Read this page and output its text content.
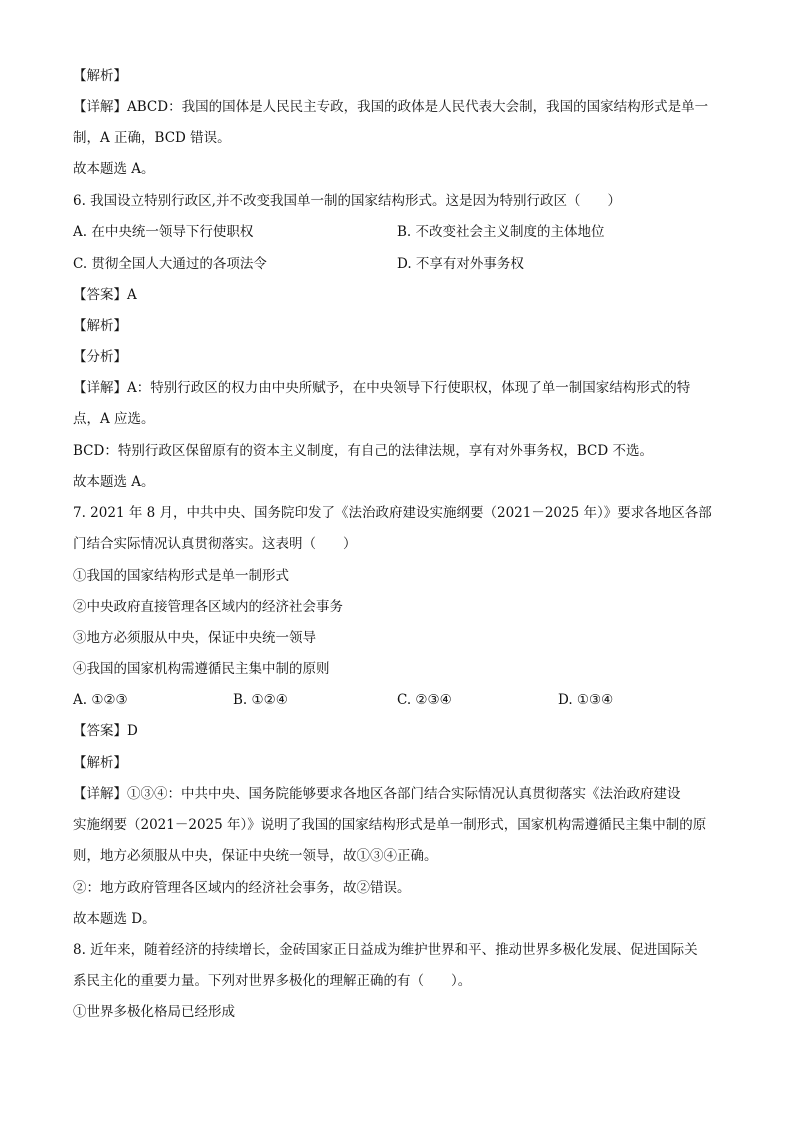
【解析】
【详解】ABCD：我国的国体是人民民主专政，我国的政体是人民代表大会制，我国的国家结构形式是单一
制，A 正确，BCD 错误。
故本题选 A。
6. 我国设立特别行政区,并不改变我国单一制的国家结构形式。这是因为特别行政区（　　）
A. 在中央统一领导下行使职权	B. 不改变社会主义制度的主体地位
C. 贯彻全国人大通过的各项法令	D. 不享有对外事务权
【答案】A
【解析】
【分析】
【详解】A：特别行政区的权力由中央所赋予，在中央领导下行使职权，体现了单一制国家结构形式的特
点，A 应选。
BCD：特别行政区保留原有的资本主义制度，有自己的法律法规，享有对外事务权，BCD 不选。
故本题选 A。
7. 2021 年 8 月，中共中央、国务院印发了《法治政府建设实施纲要（2021－2025 年）》要求各地区各部
门结合实际情况认真贯彻落实。这表明（　　）
①我国的国家结构形式是单一制形式
②中央政府直接管理各区域内的经济社会事务
③地方必须服从中央，保证中央统一领导
④我国的国家机构需遵循民主集中制的原则
A. ①②③	B. ①②④	C. ②③④	D. ①③④
【答案】D
【解析】
【详解】①③④：中共中央、国务院能够要求各地区各部门结合实际情况认真贯彻落实《法治政府建设
实施纲要（2021－2025 年）》说明了我国的国家结构形式是单一制形式，国家机构需遵循民主集中制的原
则，地方必须服从中央，保证中央统一领导，故①③④正确。
②：地方政府管理各区域内的经济社会事务，故②错误。
故本题选 D。
8. 近年来，随着经济的持续增长，金砖国家正日益成为维护世界和平、推动世界多极化发展、促进国际关
系民主化的重要力量。下列对世界多极化的理解正确的有（　　）。
①世界多极化格局已经形成
